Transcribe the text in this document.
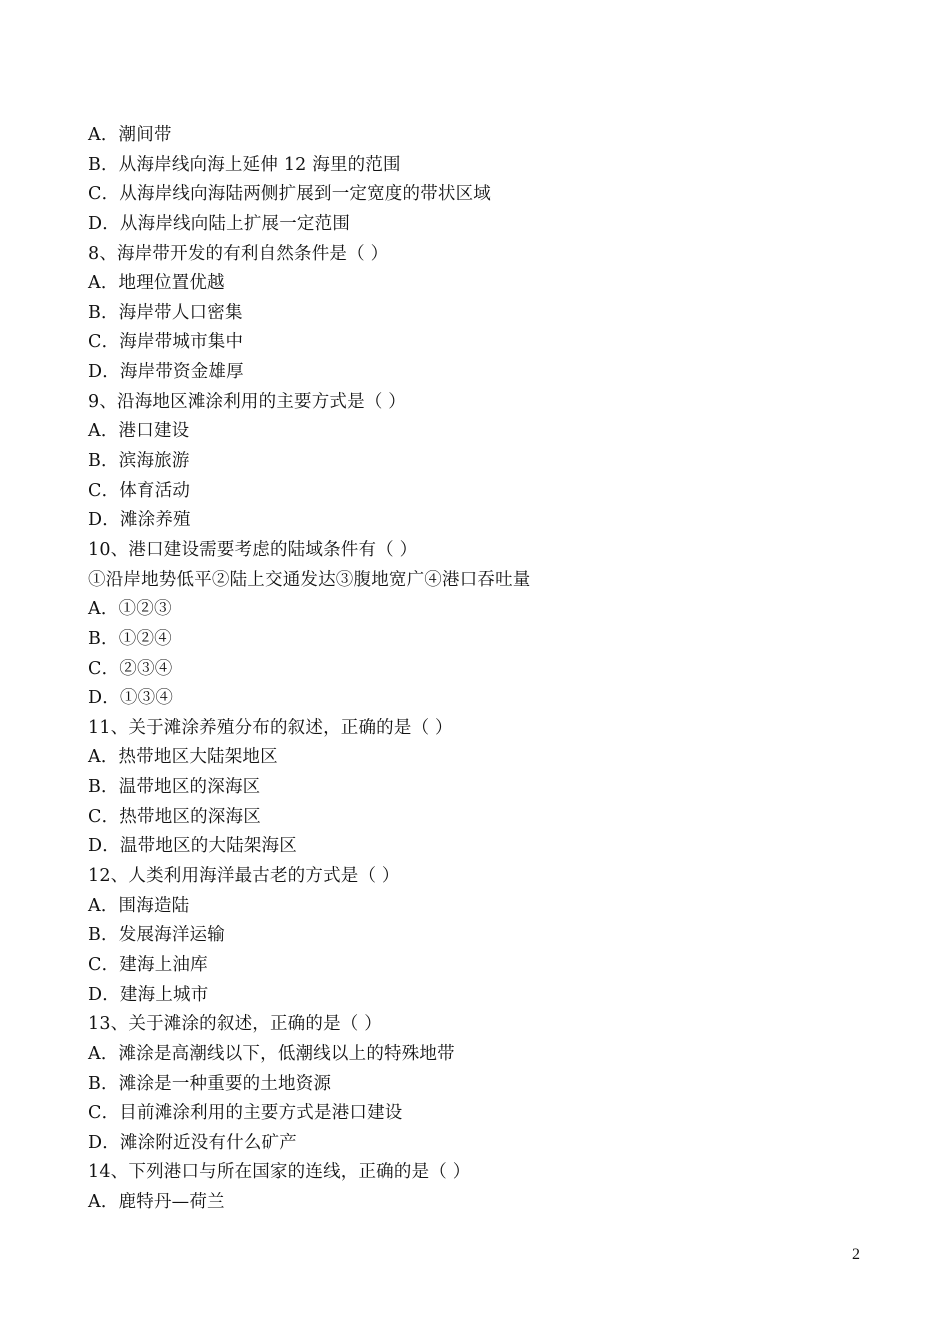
A．潮间带
B．从海岸线向海上延伸 12 海里的范围
C．从海岸线向海陆两侧扩展到一定宽度的带状区域
D．从海岸线向陆上扩展一定范围
8、海岸带开发的有利自然条件是（ ）
A．地理位置优越
B．海岸带人口密集
C．海岸带城市集中
D．海岸带资金雄厚
9、沿海地区滩涂利用的主要方式是（ ）
A．港口建设
B．滨海旅游
C．体育活动
D．滩涂养殖
10、港口建设需要考虑的陆域条件有（ ）
①沿岸地势低平②陆上交通发达③腹地宽广④港口吞吐量
A．①②③
B．①②④
C．②③④
D．①③④
11、关于滩涂养殖分布的叙述，正确的是（ ）
A．热带地区大陆架地区
B．温带地区的深海区
C．热带地区的深海区
D．温带地区的大陆架海区
12、人类利用海洋最古老的方式是（ ）
A．围海造陆
B．发展海洋运输
C．建海上油库
D．建海上城市
13、关于滩涂的叙述，正确的是（ ）
A．滩涂是高潮线以下，低潮线以上的特殊地带
B．滩涂是一种重要的土地资源
C．目前滩涂利用的主要方式是港口建设
D．滩涂附近没有什么矿产
14、下列港口与所在国家的连线，正确的是（ ）
A．鹿特丹—荷兰
2
